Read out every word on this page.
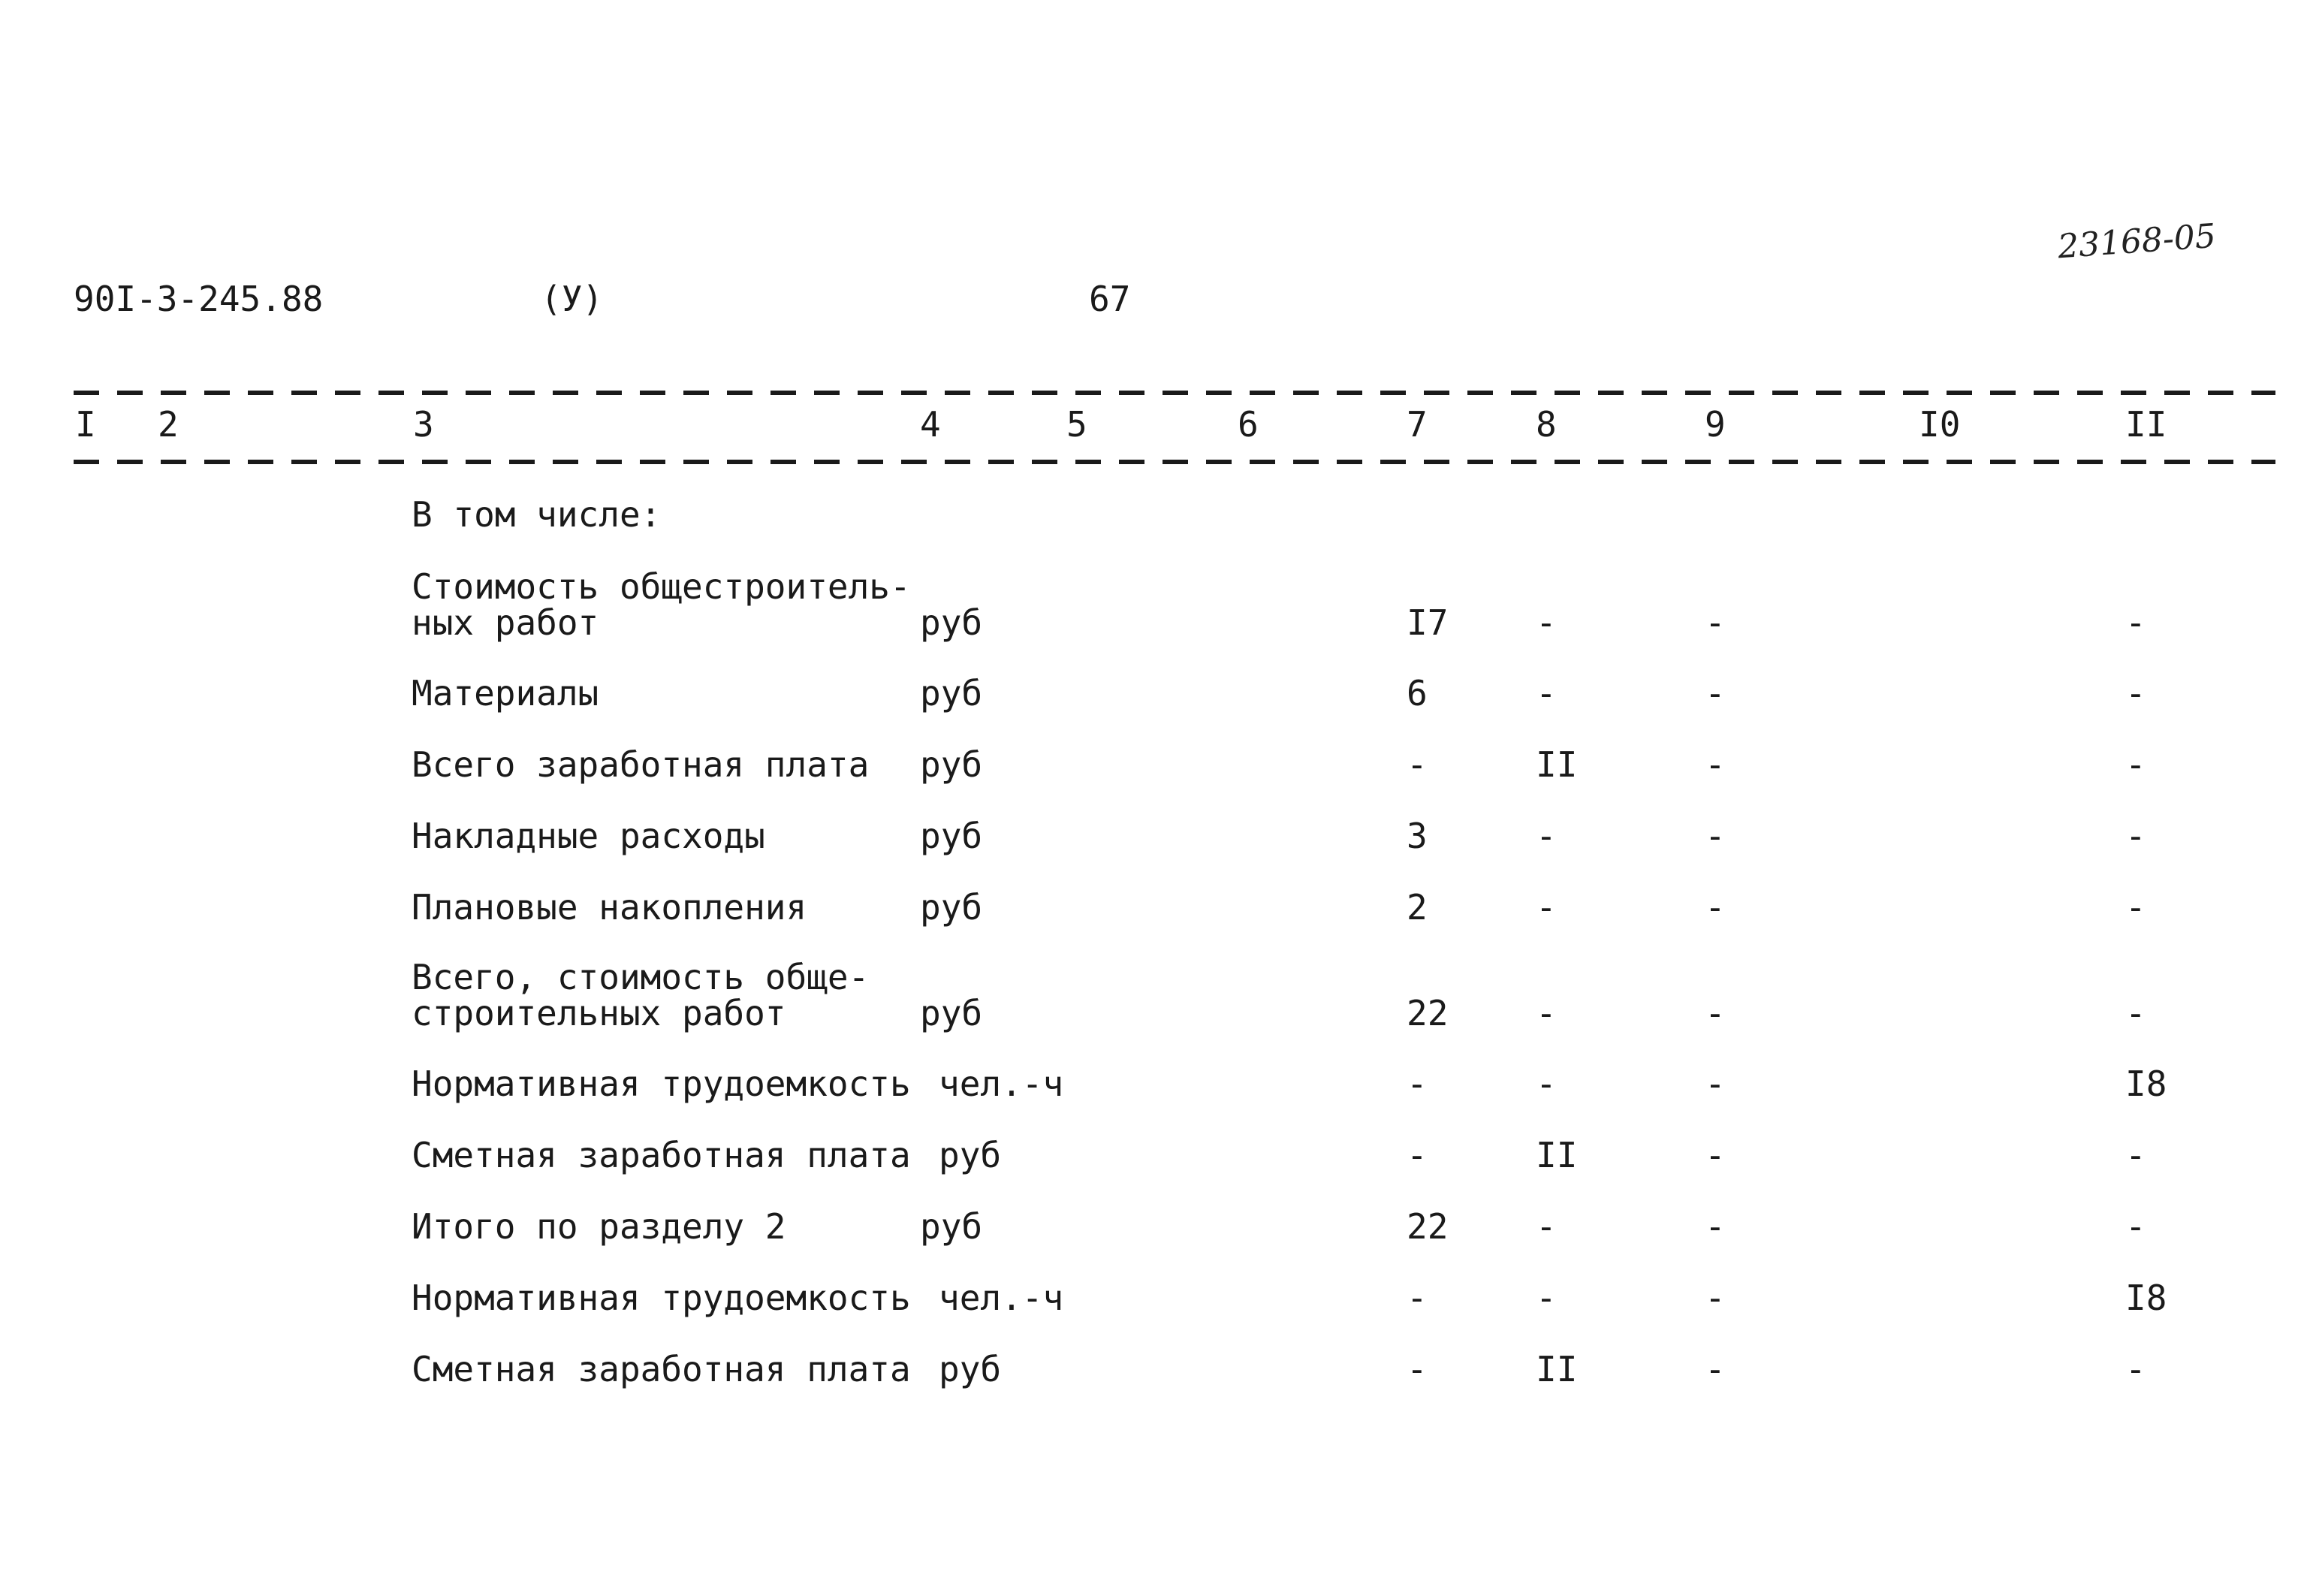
90I-3-245.88	(У)	67
23168-05
I 2	3	4	5	6	7	8	9	I0	II
В том числе:
Стоимость общестроитель-
ных работ	руб	I7	-	-	-
Материалы	руб	6	-	-	-
Всего заработная плата руб	-	II	-	-
Накладные расходы	руб	3	-	-	-
Плановые накопления	руб	2	-	-	-
Всего, стоимость обще-
строительных работ	руб	22	-	-	-
Нормативная трудоемкость чел.-ч	-	-	-	I8
Сметная заработная плата руб	-	II	-	-
Итого по разделу 2	руб	22	-	-	-
Нормативная трудоемкость чел.-ч	-	-	-	I8
Сметная заработная плата руб	-	II	-	-
